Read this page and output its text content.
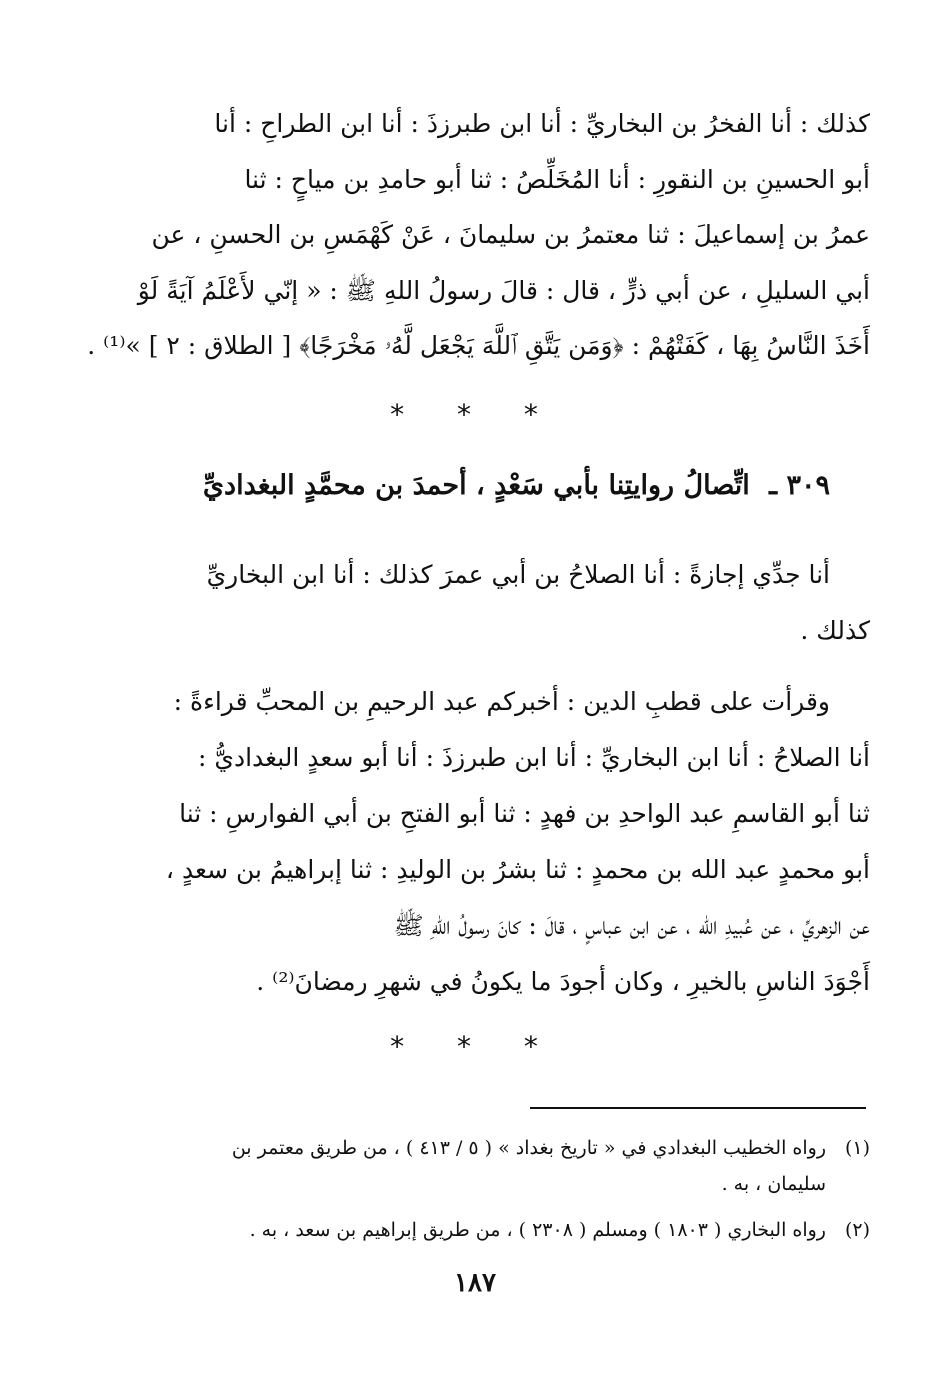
كذلك : أنا الفخرُ بن البخاريِّ : أنا ابن طبرزذَ : أنا ابن الطراحِ : أنا
أبو الحسينِ بن النقورِ : أنا المُخَلِّصُ : ثنا أبو حامدِ بن مياحٍ : ثنا
عمرُ بن إسماعيلَ : ثنا معتمرُ بن سليمانَ ، عَنْ كَهْمَسِ بن الحسنِ ، عن
أبي السليلِ ، عن أبي ذرٍّ ، قال : قالَ رسولُ اللهِ ﷺ : « إنّي لأَعْلَمُ آيَةً لَوْ
أَخَذَ النَّاسُ بِهَا ، كَفَتْهُمْ : ﴿وَمَن يَتَّقِ ٱللَّهَ يَجْعَل لَّهُۥ مَخْرَجًا﴾ [ الطلاق : ٢ ] »⁽¹⁾ .
* * *
٣٠٩ ـ اتِّصالُ روايتِنا بأبي سَعْدٍ ، أحمدَ بن محمَّدٍ البغداديِّ
أنا جدِّي إجازةً : أنا الصلاحُ بن أبي عمرَ كذلك : أنا ابن البخاريِّ
كذلك .
وقرأت على قطبِ الدين : أخبركم عبد الرحيمِ بن المحبِّ قراءةً :
أنا الصلاحُ : أنا ابن البخاريِّ : أنا ابن طبرزذَ : أنا أبو سعدٍ البغداديُّ :
ثنا أبو القاسمِ عبد الواحدِ بن فهدٍ : ثنا أبو الفتحِ بن أبي الفوارسِ : ثنا
أبو محمدٍ عبد الله بن محمدٍ : ثنا بشرُ بن الوليدِ : ثنا إبراهيمُ بن سعدٍ ،
عن الزهريِّ ، عن عُبيدِ الله ، عن ابن عباسٍ ، قالَ : كانَ رسولُ اللهِ ﷺ
أَجْوَدَ الناسِ بالخيرِ ، وكان أجودَ ما يكونُ في شهرِ رمضانَ⁽²⁾ .
* * *
(١)رواه الخطيب البغدادي في « تاريخ بغداد » ( ٥ / ٤١٣ ) ، من طريق معتمر بن
سليمان ، به .
(٢)رواه البخاري ( ١٨٠٣ ) ومسلم ( ٢٣٠٨ ) ، من طريق إبراهيم بن سعد ، به .
١٨٧
